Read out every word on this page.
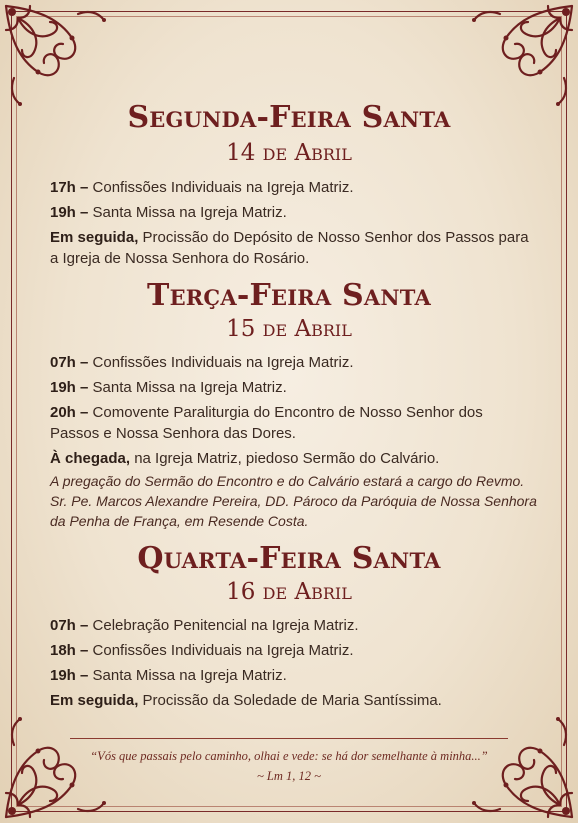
Segunda-Feira Santa
14 de Abril
17h – Confissões Individuais na Igreja Matriz.
19h – Santa Missa na Igreja Matriz.
Em seguida, Procissão do Depósito de Nosso Senhor dos Passos para a Igreja de Nossa Senhora do Rosário.
Terça-Feira Santa
15 de Abril
07h – Confissões Individuais na Igreja Matriz.
19h – Santa Missa na Igreja Matriz.
20h – Comovente Paraliturgia do Encontro de Nosso Senhor dos Passos e Nossa Senhora das Dores.
À chegada, na Igreja Matriz, piedoso Sermão do Calvário.
A pregação do Sermão do Encontro e do Calvário estará a cargo do Revmo. Sr. Pe. Marcos Alexandre Pereira, DD. Pároco da Paróquia de Nossa Senhora da Penha de França, em Resende Costa.
Quarta-Feira Santa
16 de Abril
07h – Celebração Penitencial na Igreja Matriz.
18h – Confissões Individuais na Igreja Matriz.
19h – Santa Missa na Igreja Matriz.
Em seguida, Procissão da Soledade de Maria Santíssima.
“Vós que passais pelo caminho, olhai e vede: se há dor semelhante à minha...”
~ Lm 1, 12 ~
